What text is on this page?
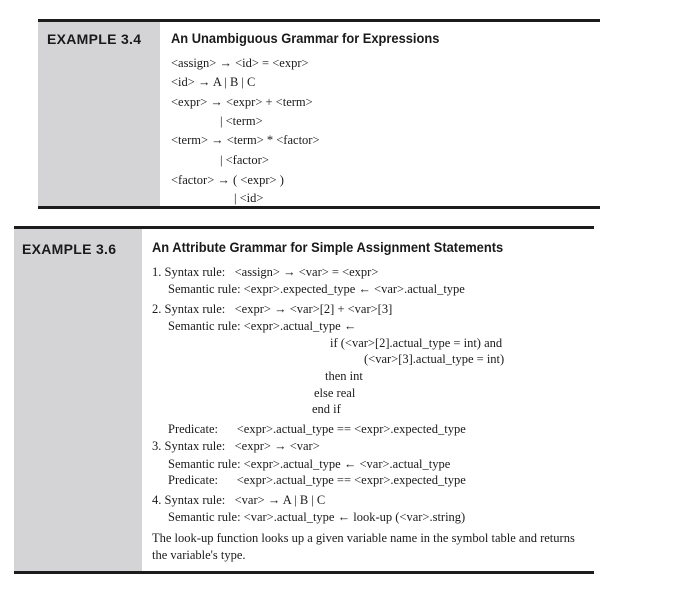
EXAMPLE 3.4 An Unambiguous Grammar for Expressions
<assign> → <id> = <expr>
<id> → A | B | C
<expr> → <expr> + <term>
| <term>
<term> → <term> * <factor>
| <factor>
<factor> → ( <expr> )
| <id>
EXAMPLE 3.6	An Attribute Grammar for Simple Assignment Statements
1. Syntax rule:   <assign> → <var> = <expr>
Semantic rule: <expr>.expected_type ← <var>.actual_type
2. Syntax rule:   <expr> → <var>[2] + <var>[3]
Semantic rule: <expr>.actual_type ←
if (<var>[2].actual_type = int) and
(<var>[3].actual_type = int)
then int
else real
end if
Predicate:      <expr>.actual_type == <expr>.expected_type
3. Syntax rule:   <expr> → <var>
Semantic rule: <expr>.actual_type ← <var>.actual_type
Predicate:      <expr>.actual_type == <expr>.expected_type
4. Syntax rule:   <var> → A | B | C
Semantic rule: <var>.actual_type ← look-up (<var>.string)
The look-up function looks up a given variable name in the symbol table and returns the variable's type.
